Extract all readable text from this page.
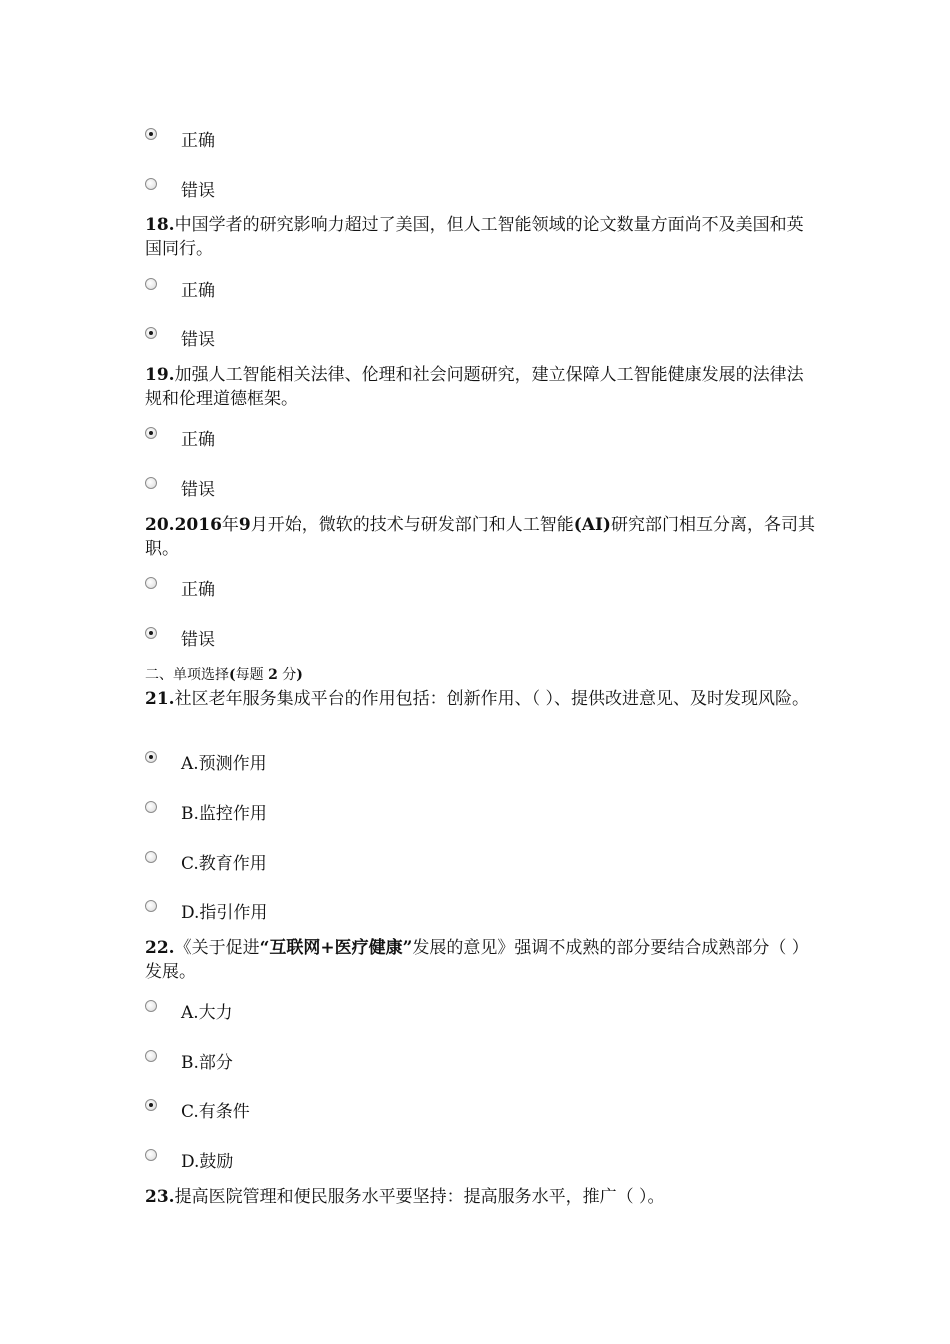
正确
错误
18.中国学者的研究影响力超过了美国，但人工智能领域的论文数量方面尚不及美国和英国同行。
正确
错误
19.加强人工智能相关法律、伦理和社会问题研究，建立保障人工智能健康发展的法律法规和伦理道德框架。
正确
错误
20.2016年9月开始，微软的技术与研发部门和人工智能(AI)研究部门相互分离，各司其职。
正确
错误
二、单项选择(每题 2 分)
21.社区老年服务集成平台的作用包括：创新作用、（ ）、提供改进意见、及时发现风险。
A.预测作用
B.监控作用
C.教育作用
D.指引作用
22.《关于促进“互联网+医疗健康”发展的意见》强调不成熟的部分要结合成熟部分（ ）发展。
A.大力
B.部分
C.有条件
D.鼓励
23.提高医院管理和便民服务水平要坚持：提高服务水平，推广（ ）。
